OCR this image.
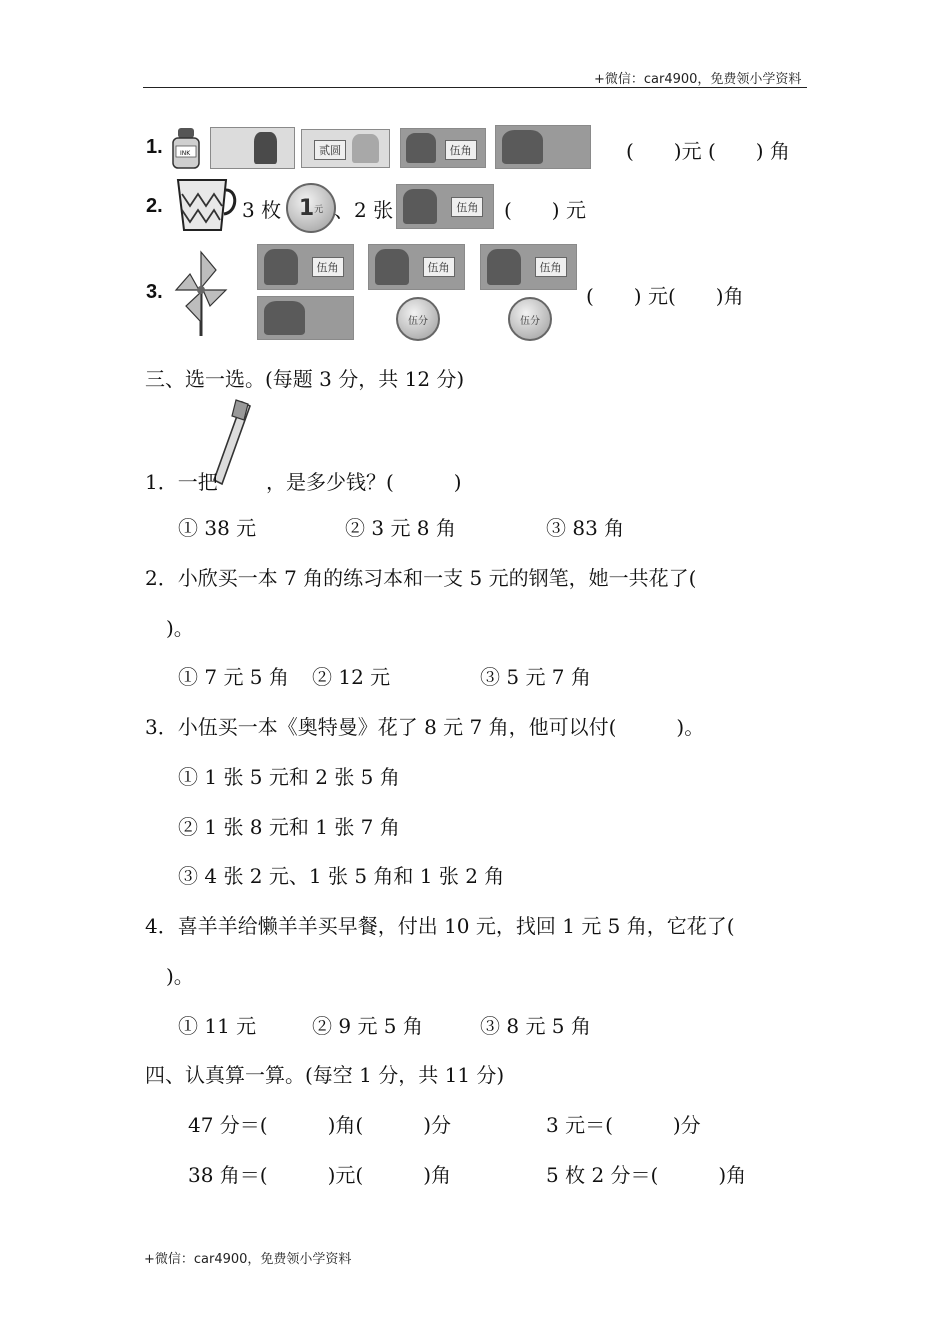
+微信：car4900，免费领小学资料
1.	INK	贰圆	伍角	(　　)元 (　　) 角
2.	3 枚 1 元 、2 张	伍角 (　　) 元
3.
伍角	伍角	伍角
伍分	伍分
(　　) 元(　　)角
三、选一选。(每题 3 分，共 12 分)
1．一把 ，是多少钱？(　　　)
① 38 元	② 3 元 8 角	③ 83 角
2．小欣买一本 7 角的练习本和一支 5 元的钢笔，她一共花了(
)。
① 7 元 5 角 ② 12 元	③ 5 元 7 角
3．小伍买一本《奥特曼》花了 8 元 7 角，他可以付(　　　)。
① 1 张 5 元和 2 张 5 角
② 1 张 8 元和 1 张 7 角
③ 4 张 2 元、1 张 5 角和 1 张 2 角
4．喜羊羊给懒羊羊买早餐，付出 10 元，找回 1 元 5 角，它花了(
)。
① 11 元	② 9 元 5 角	③ 8 元 5 角
四、认真算一算。(每空 1 分，共 11 分)
47 分＝(　　　)角(　　　)分	3 元＝(　　　)分
38 角＝(　　　)元(　　　)角	5 枚 2 分＝(　　　)角
+微信：car4900，免费领小学资料
